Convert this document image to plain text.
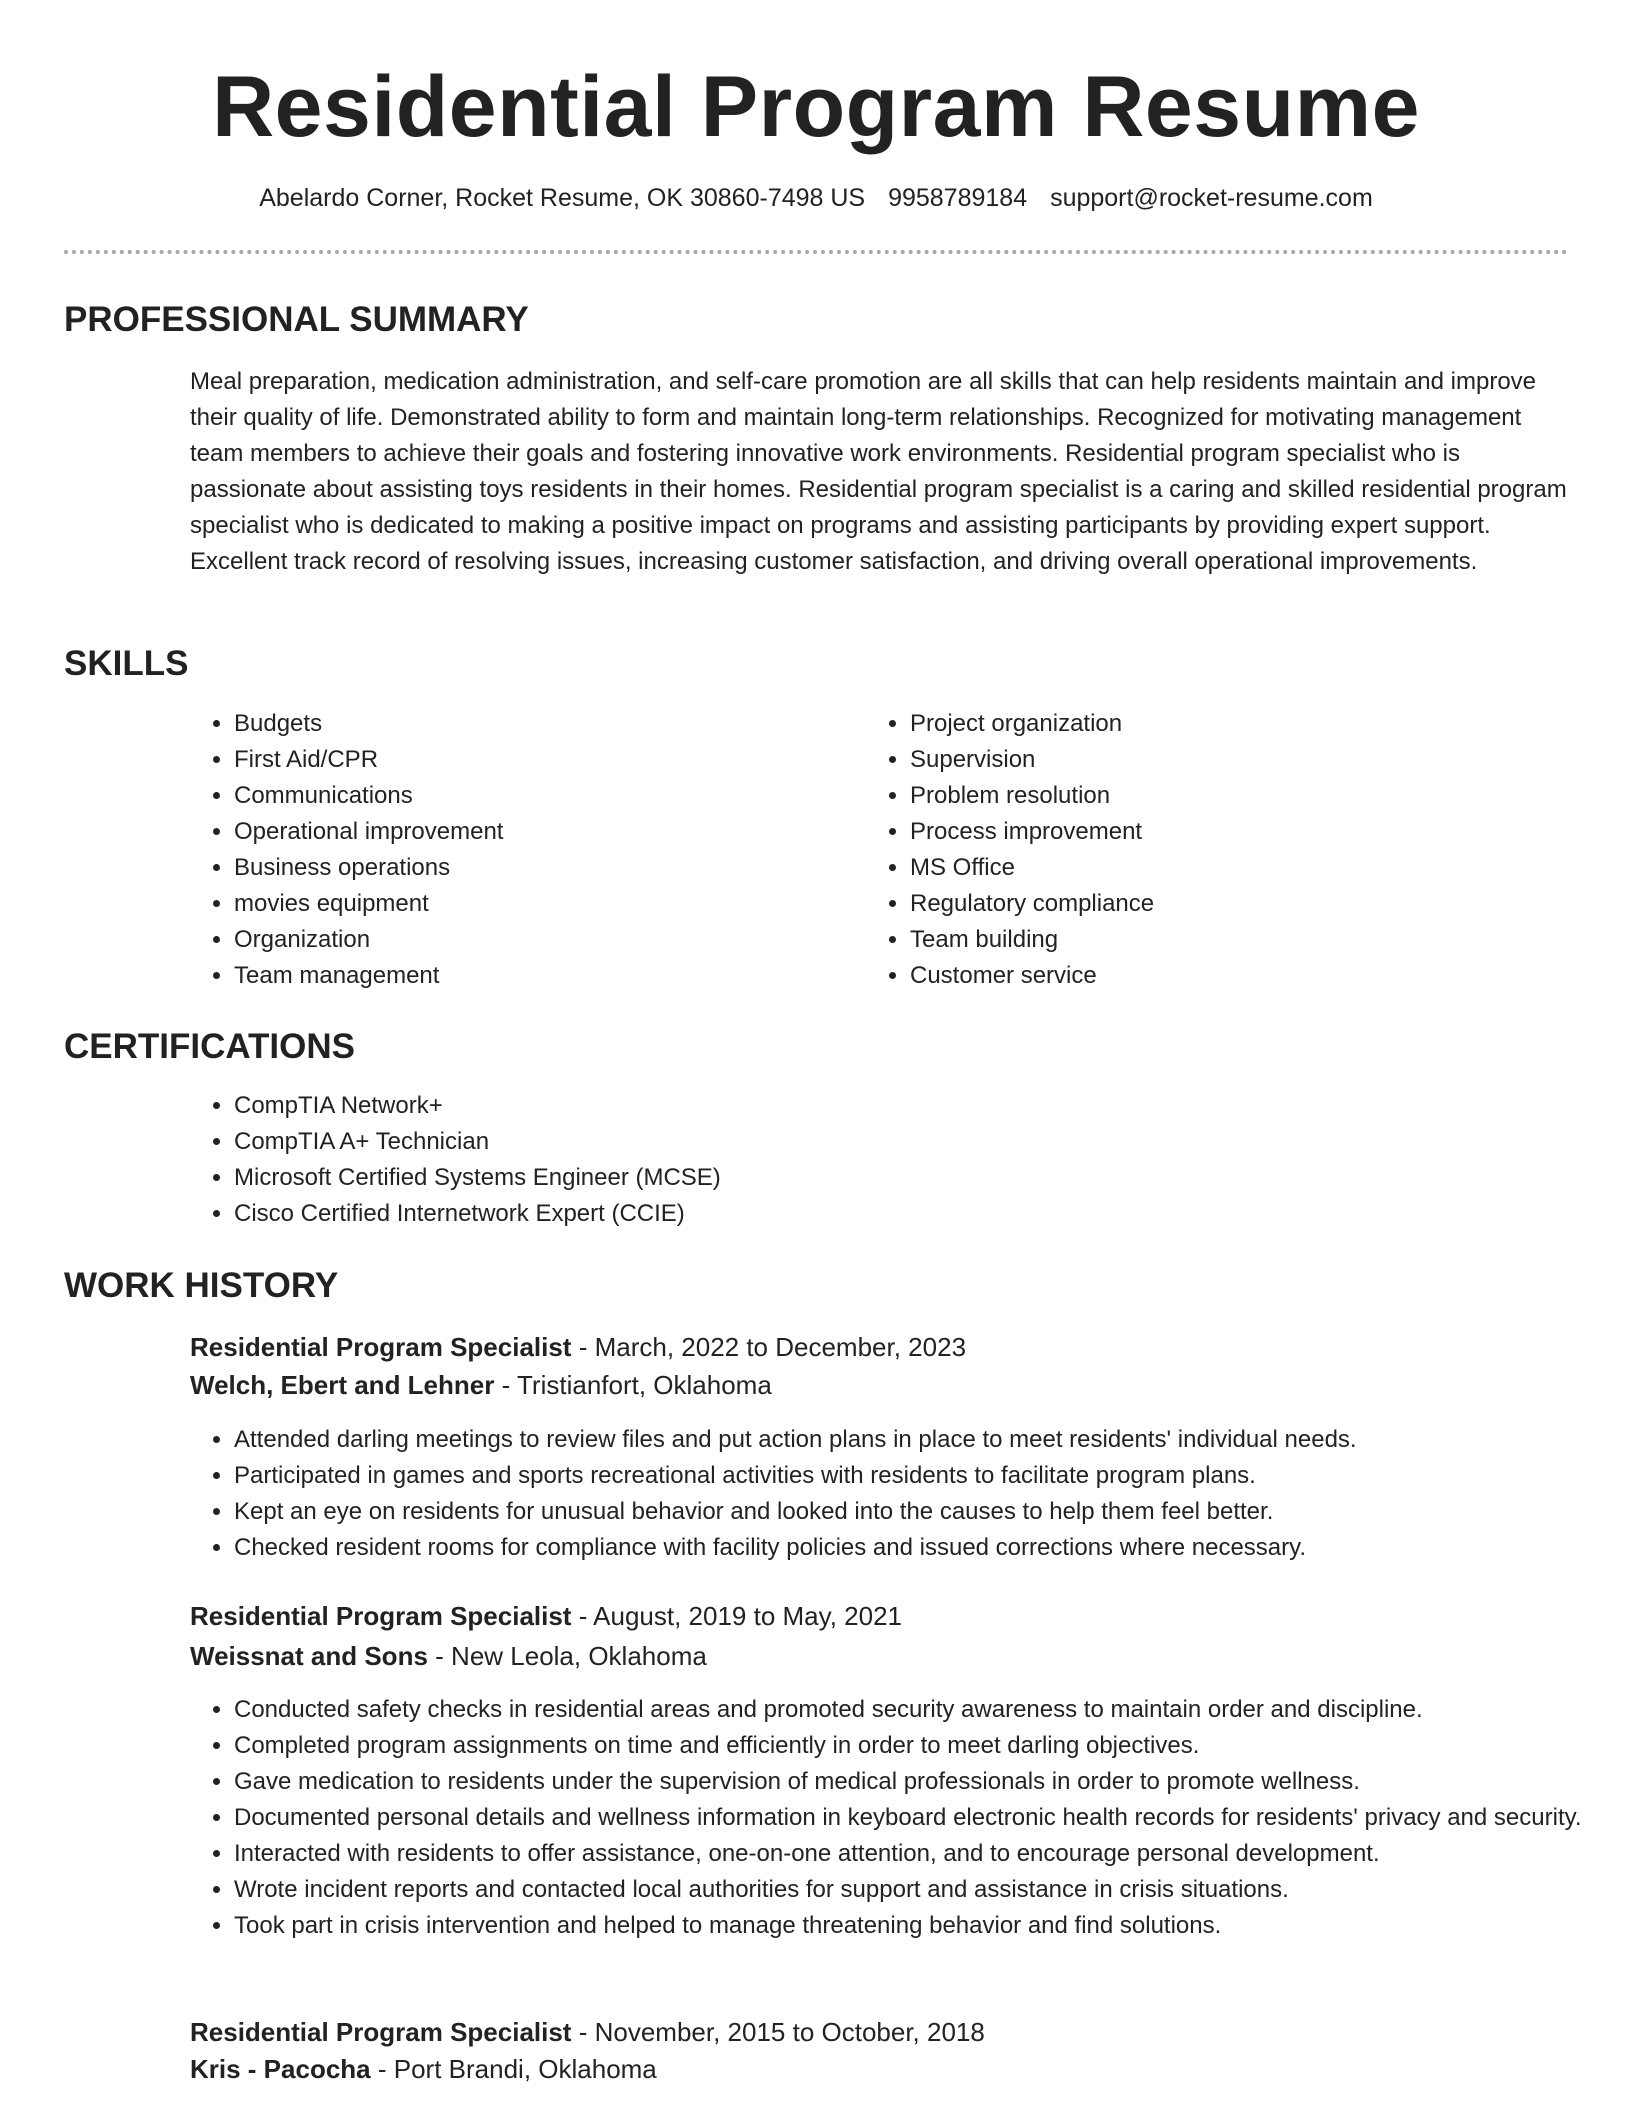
Residential Program Resume
Abelardo Corner, Rocket Resume, OK 30860-7498 US 9958789184 support@rocket-resume.com
PROFESSIONAL SUMMARY

Meal preparation, medication administration, and self-care promotion are all skills that can help residents maintain and improve their quality of life. Demonstrated ability to form and maintain long-term relationships. Recognized for motivating management team members to achieve their goals and fostering innovative work environments. Residential program specialist who is passionate about assisting toys residents in their homes. Residential program specialist is a caring and skilled residential program specialist who is dedicated to making a positive impact on programs and assisting participants by providing expert support. Excellent track record of resolving issues, increasing customer satisfaction, and driving overall operational improvements.

SKILLS
• Budgets
• First Aid/CPR
• Communications
• Operational improvement
• Business operations
• movies equipment
• Organization
• Team management
• Project organization
• Supervision
• Problem resolution
• Process improvement
• MS Office
• Regulatory compliance
• Team building
• Customer service
CERTIFICATIONS
• CompTIA Network+
• CompTIA A+ Technician
• Microsoft Certified Systems Engineer (MCSE)
• Cisco Certified Internetwork Expert (CCIE)
WORK HISTORY
Residential Program Specialist - March, 2022 to December, 2023
Welch, Ebert and Lehner - Tristianfort, Oklahoma
• Attended darling meetings to review files and put action plans in place to meet residents' individual needs.
• Participated in games and sports recreational activities with residents to facilitate program plans.
• Kept an eye on residents for unusual behavior and looked into the causes to help them feel better.
• Checked resident rooms for compliance with facility policies and issued corrections where necessary.
Residential Program Specialist - August, 2019 to May, 2021
Weissnat and Sons - New Leola, Oklahoma
• Conducted safety checks in residential areas and promoted security awareness to maintain order and discipline.
• Completed program assignments on time and efficiently in order to meet darling objectives.
• Gave medication to residents under the supervision of medical professionals in order to promote wellness.
• Documented personal details and wellness information in keyboard electronic health records for residents' privacy and security.
• Interacted with residents to offer assistance, one-on-one attention, and to encourage personal development.
• Wrote incident reports and contacted local authorities for support and assistance in crisis situations.
• Took part in crisis intervention and helped to manage threatening behavior and find solutions.
Residential Program Specialist - November, 2015 to October, 2018
Kris - Pacocha - Port Brandi, Oklahoma
